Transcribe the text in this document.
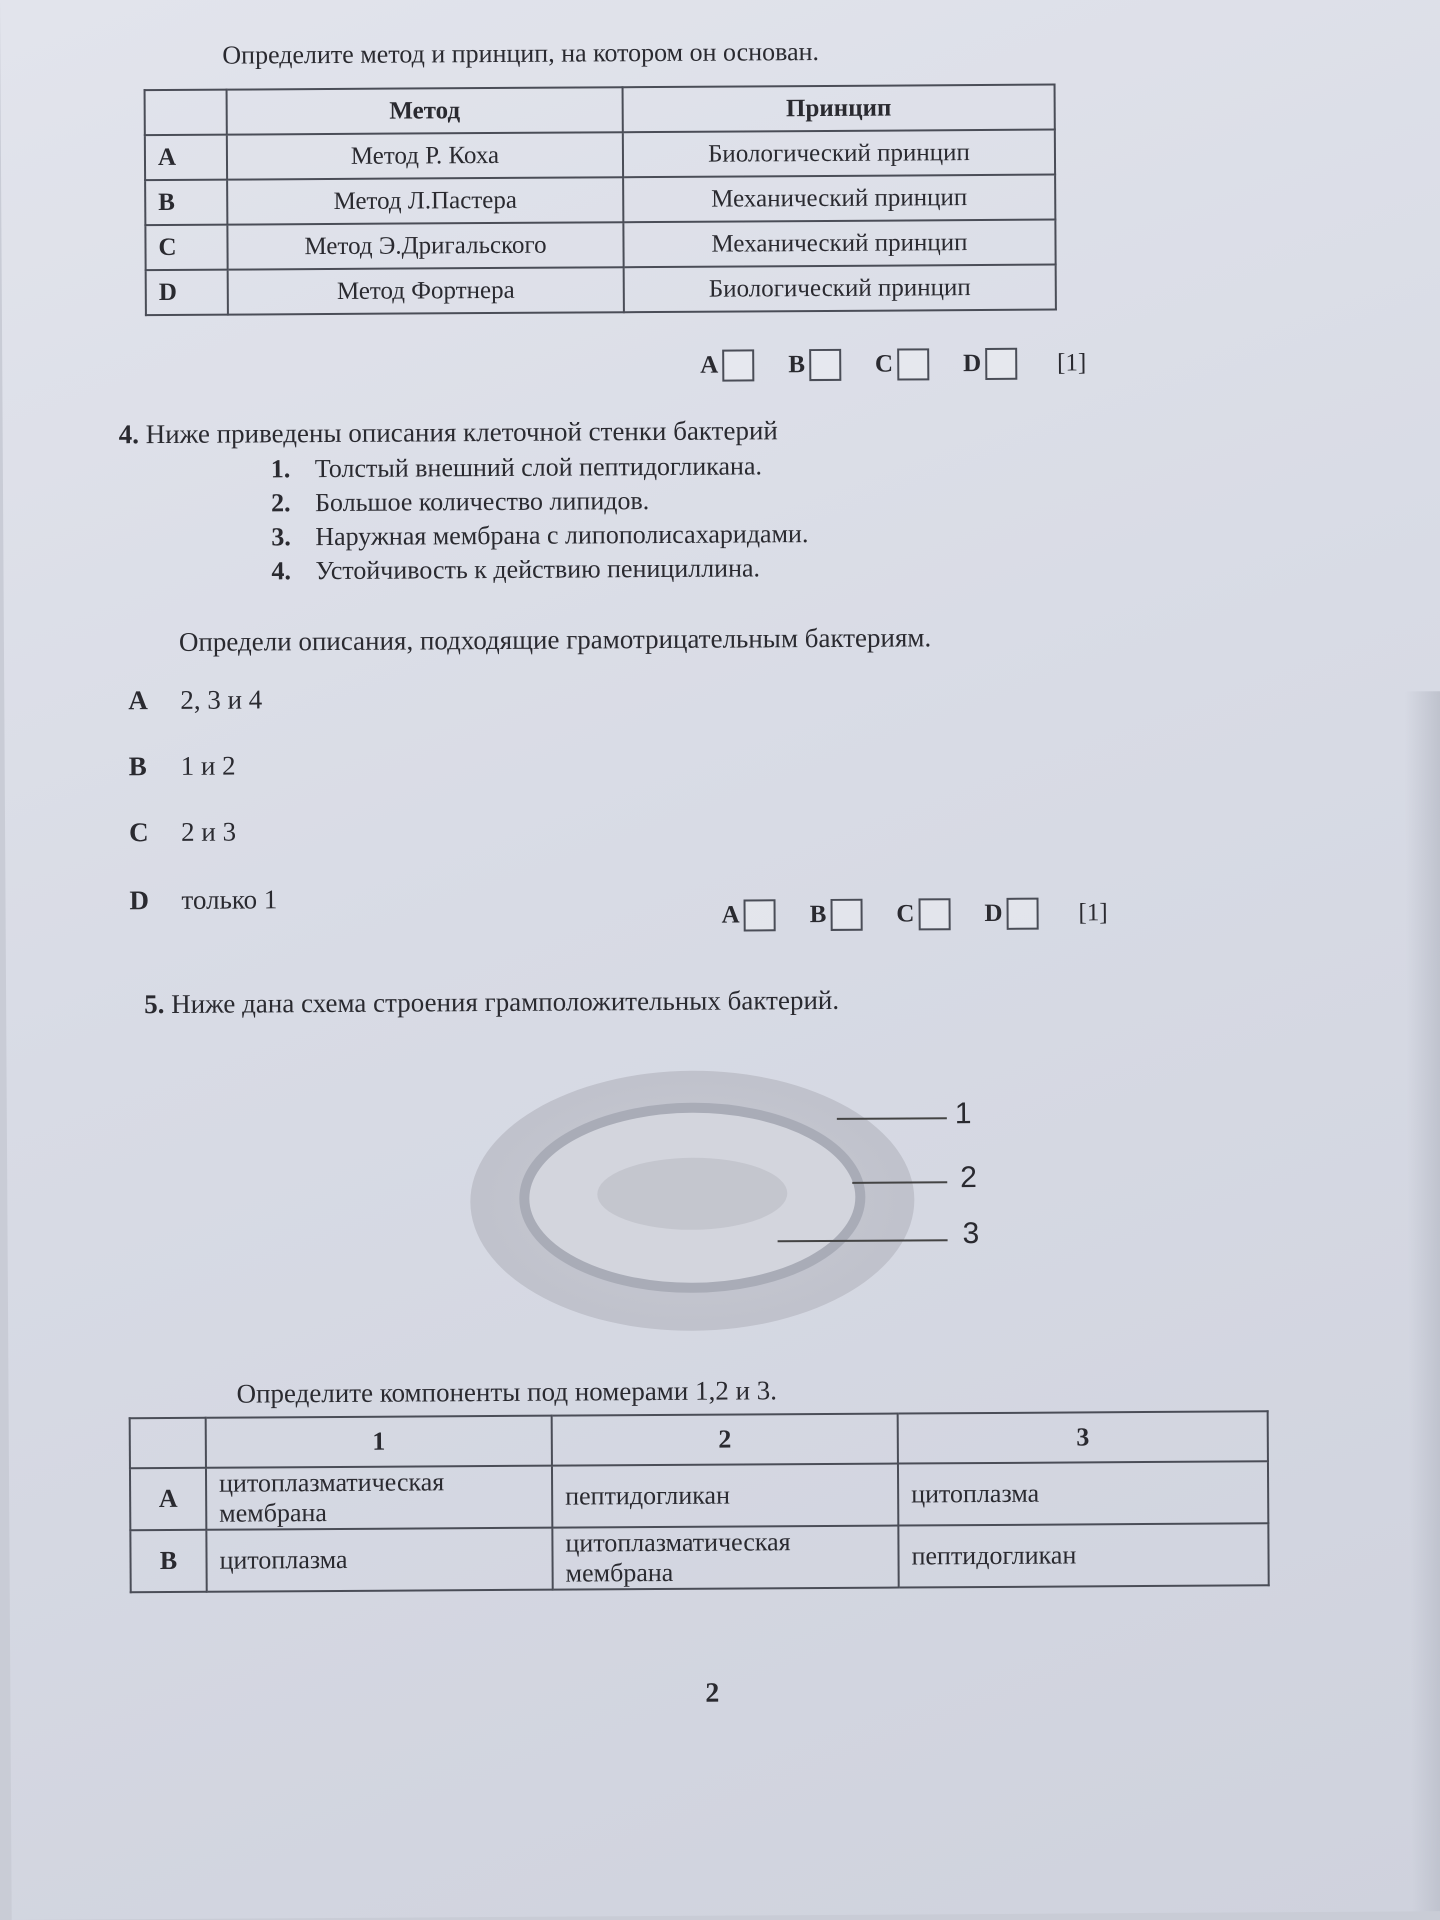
Определите метод и принцип, на котором он основан.
	Метод	Принцип
A	Метод Р. Коха	Биологический принцип
B	Метод Л.Пастера	Механический принцип
C	Метод Э.Дригальского	Механический принцип
D	Метод Фортнера	Биологический принцип
A	B	C	D	[1]
4. Ниже приведены описания клеточной стенки бактерий
1. Толстый внешний слой пептидогликана.
2. Большое количество липидов.
3. Наружная мембрана с липополисахаридами.
4. Устойчивость к действию пенициллина.
Определи описания, подходящие грамотрицательным бактериям.
A 2, 3 и 4
B 1 и 2
C 2 и 3
D только 1
A	B	C	D	[1]
5. Ниже дана схема строения грамположительных бактерий.
1
2
3
Определите компоненты под номерами 1,2 и 3.
	1	2	3
A	цитоплазматическая мембрана	пептидогликан	цитоплазма
B	цитоплазма	цитоплазматическая мембрана	пептидогликан
2
